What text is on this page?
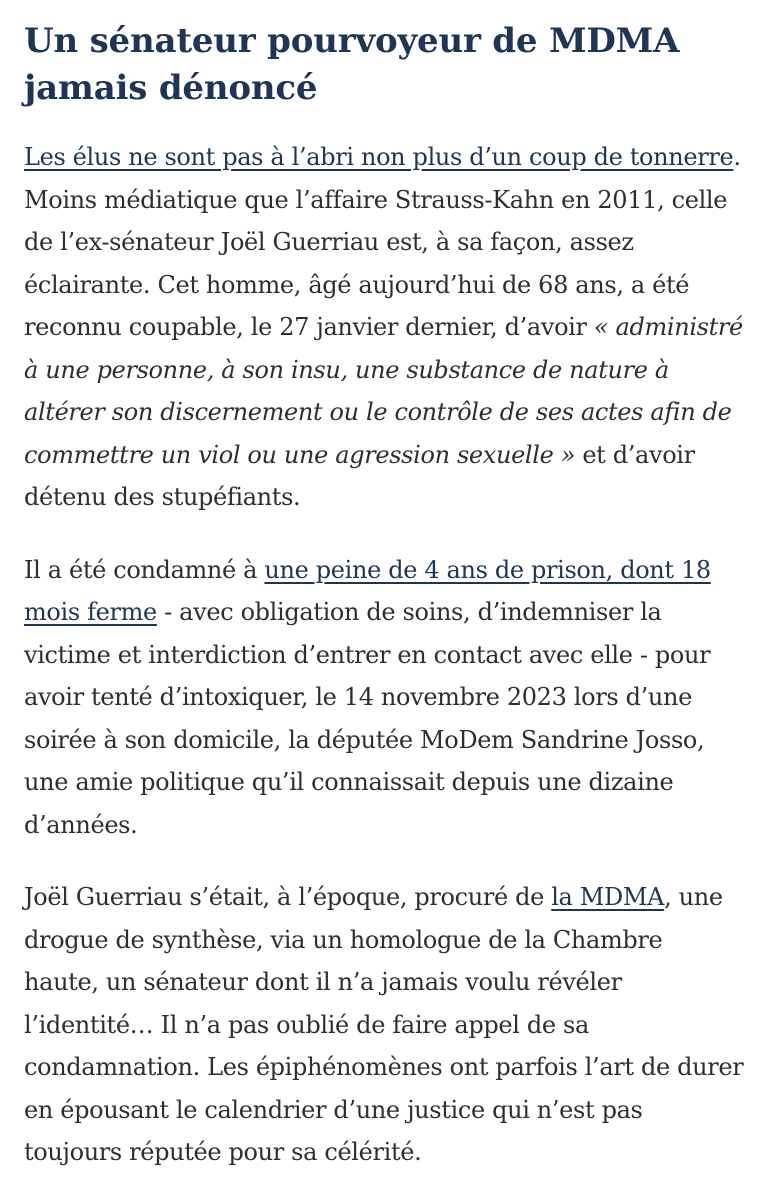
Un sénateur pourvoyeur de MDMA jamais dénoncé

Les élus ne sont pas à l’abri non plus d’un coup de tonnerre. Moins médiatique que l’affaire Strauss-Kahn en 2011, celle de l’ex-sénateur Joël Guerriau est, à sa façon, assez éclairante. Cet homme, âgé aujourd’hui de 68 ans, a été reconnu coupable, le 27 janvier dernier, d’avoir « administré à une personne, à son insu, une substance de nature à altérer son discernement ou le contrôle de ses actes afin de commettre un viol ou une agression sexuelle » et d’avoir détenu des stupéfiants.

Il a été condamné à une peine de 4 ans de prison, dont 18 mois ferme - avec obligation de soins, d’indemniser la victime et interdiction d’entrer en contact avec elle - pour avoir tenté d’intoxiquer, le 14 novembre 2023 lors d’une soirée à son domicile, la députée MoDem Sandrine Josso, une amie politique qu’il connaissait depuis une dizaine d’années.

Joël Guerriau s’était, à l’époque, procuré de la MDMA, une drogue de synthèse, via un homologue de la Chambre haute, un sénateur dont il n’a jamais voulu révéler l’identité… Il n’a pas oublié de faire appel de sa condamnation. Les épiphénomènes ont parfois l’art de durer en épousant le calendrier d’une justice qui n’est pas toujours réputée pour sa célérité.
